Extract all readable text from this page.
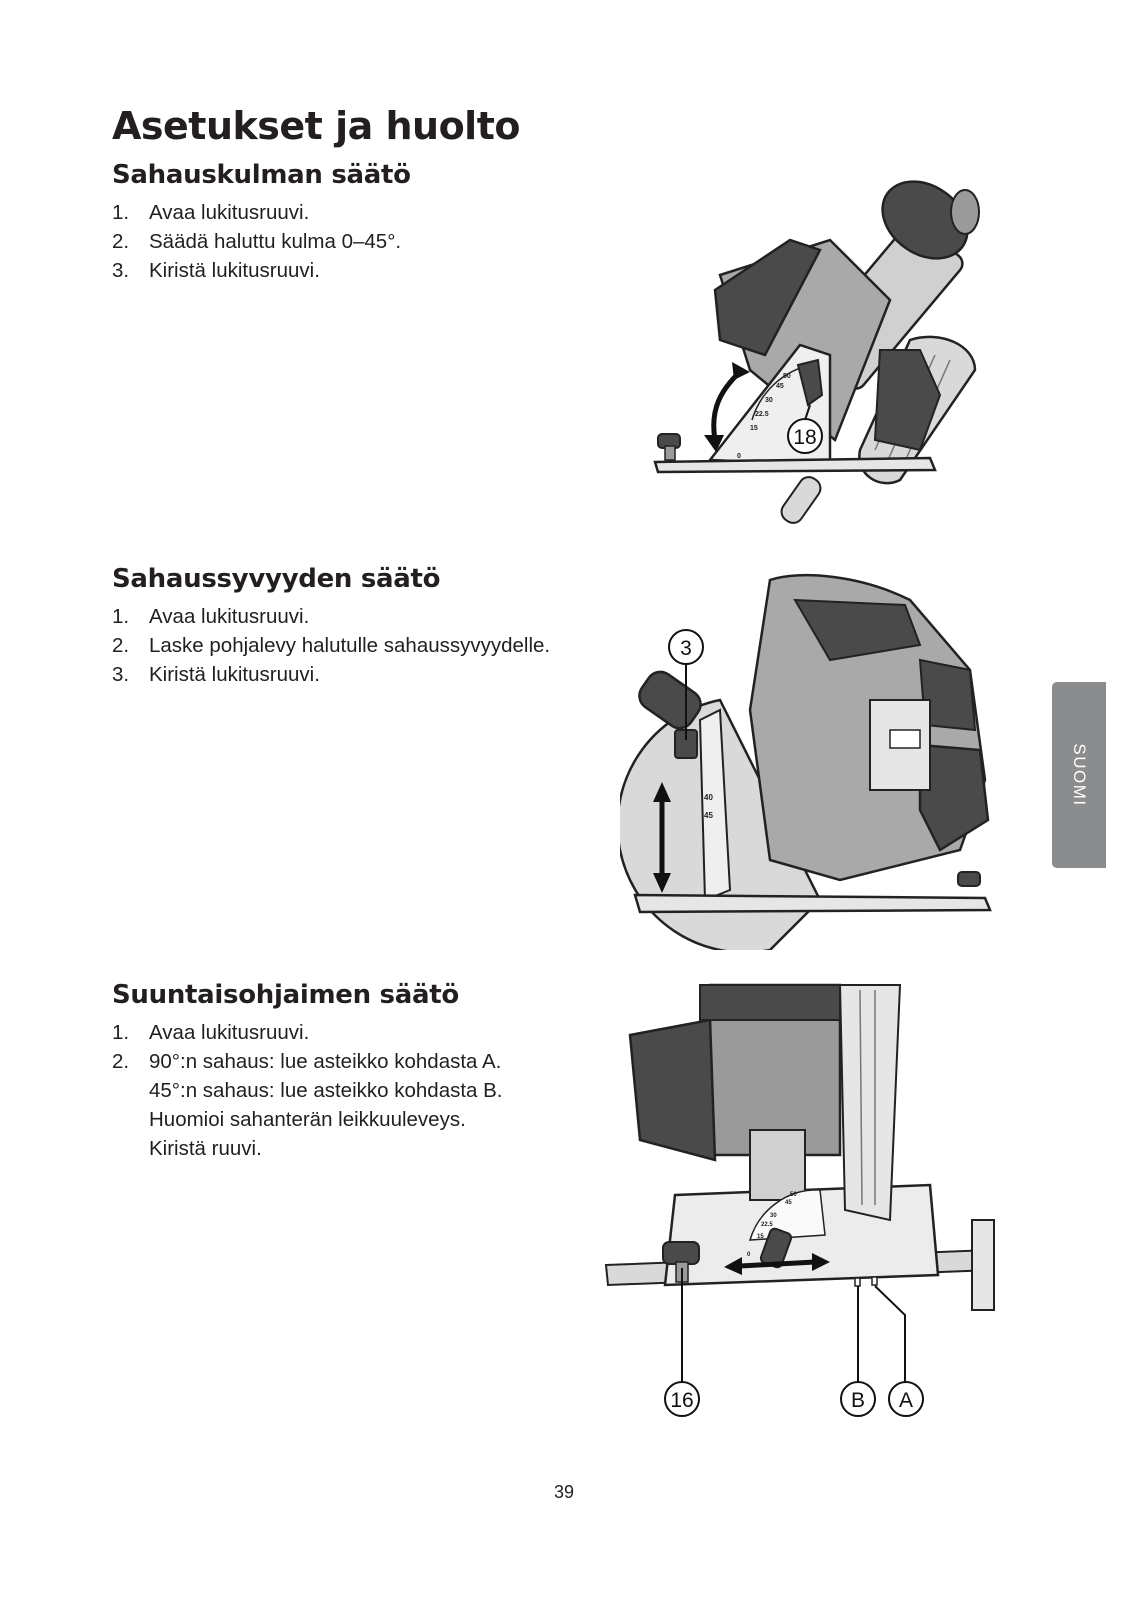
Asetukset ja huolto
Sahauskulman säätö
1. Avaa lukitusruuvi.
2. Säädä haluttu kulma 0–45°.
3. Kiristä lukitusruuvi.
Sahaussyvyyden säätö
1. Avaa lukitusruuvi.
2. Laske pohjalevy halutulle sahaussyvyydelle.
3. Kiristä lukitusruuvi.
Suuntaisohjaimen säätö
1. Avaa lukitusruuvi.
2. 90°:n sahaus: lue asteikko kohdasta A.
45°:n sahaus: lue asteikko kohdasta B.
Huomioi sahanterän leikkuuleveys.
Kiristä ruuvi.
50
45
30
22.5
15
0
18
40
45
3
50
45
30
22.5
15
0
16	B A
SUOMI
39
